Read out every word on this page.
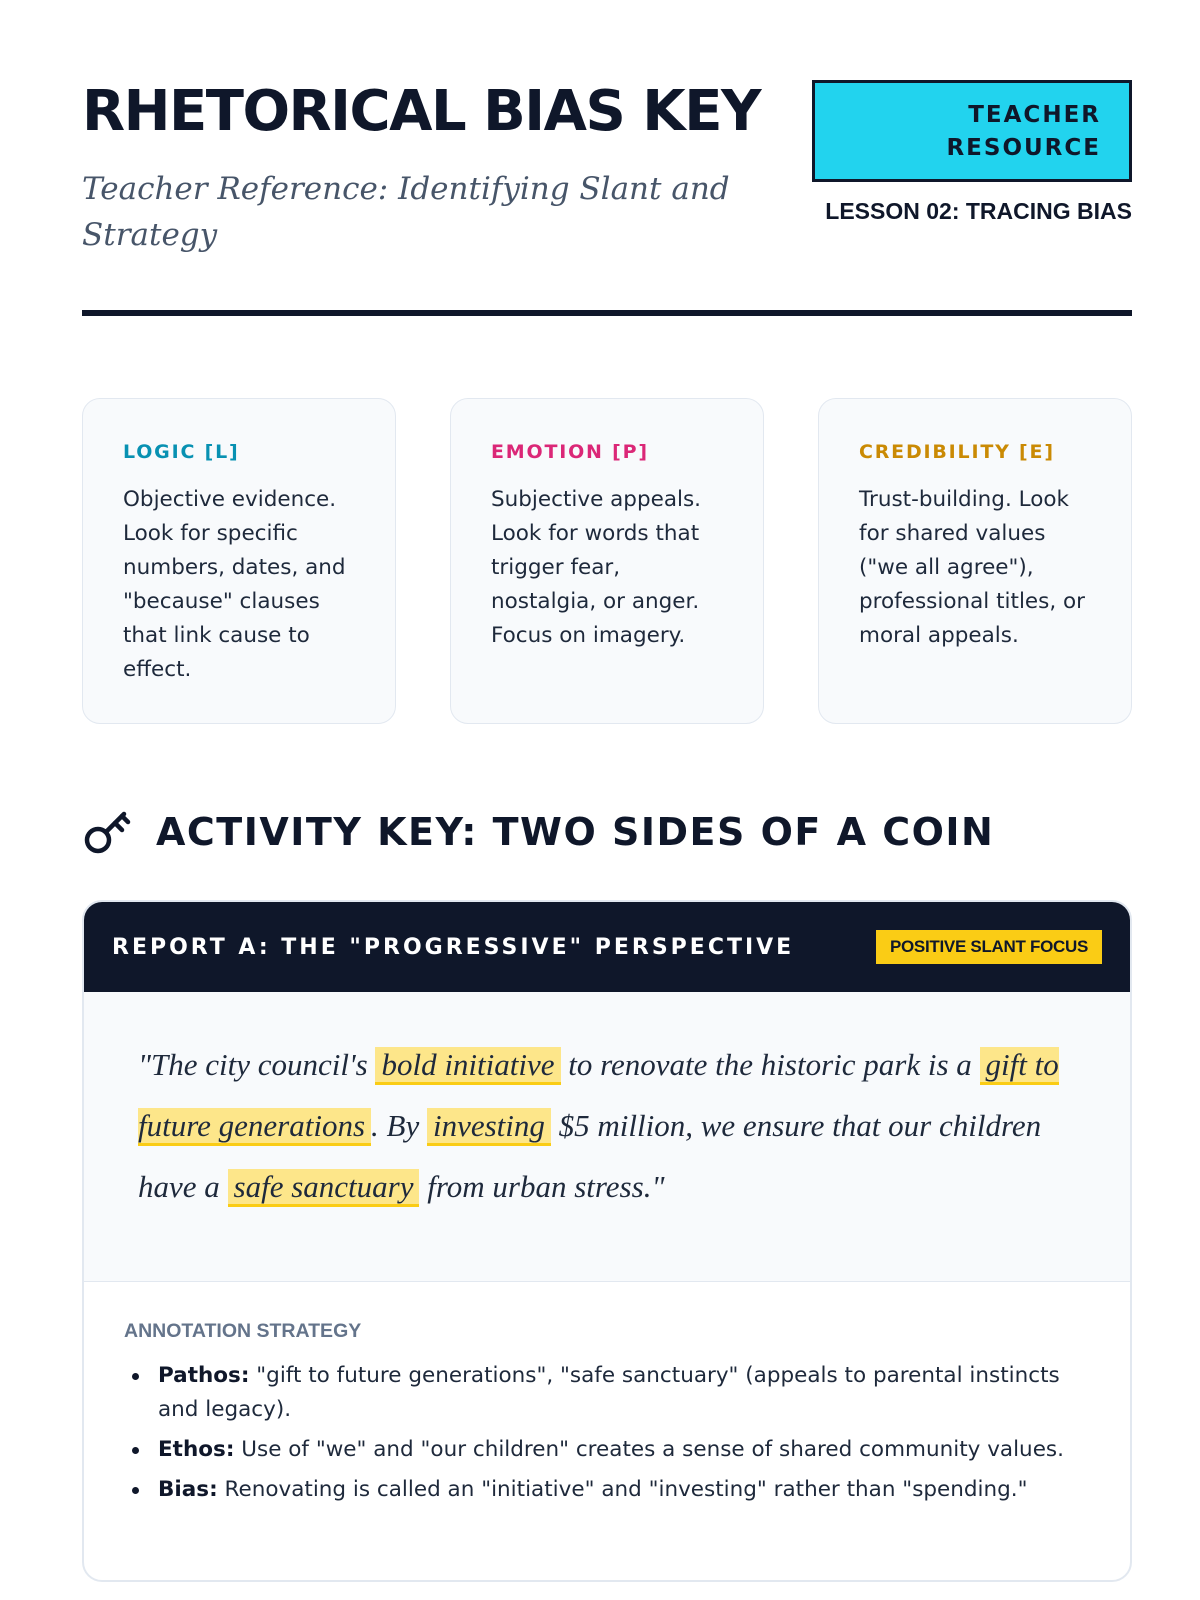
RHETORICAL BIAS KEY
Teacher Reference: Identifying Slant and Strategy
TEACHER RESOURCE
LESSON 02: TRACING BIAS
LOGIC [L]
Objective evidence. Look for specific numbers, dates, and "because" clauses that link cause to effect.
EMOTION [P]
Subjective appeals. Look for words that trigger fear, nostalgia, or anger. Focus on imagery.
CREDIBILITY [E]
Trust-building. Look for shared values ("we all agree"), professional titles, or moral appeals.
ACTIVITY KEY: TWO SIDES OF A COIN
REPORT A: THE "PROGRESSIVE" PERSPECTIVE	POSITIVE SLANT FOCUS

"The city council's bold initiative to renovate the historic park is a gift to future generations . By investing $5 million, we ensure that our children have a safe sanctuary from urban stress."

ANNOTATION STRATEGY
Pathos: "gift to future generations", "safe sanctuary" (appeals to parental instincts and legacy).
Ethos: Use of "we" and "our children" creates a sense of shared community values.
Bias: Renovating is called an "initiative" and "investing" rather than "spending."
